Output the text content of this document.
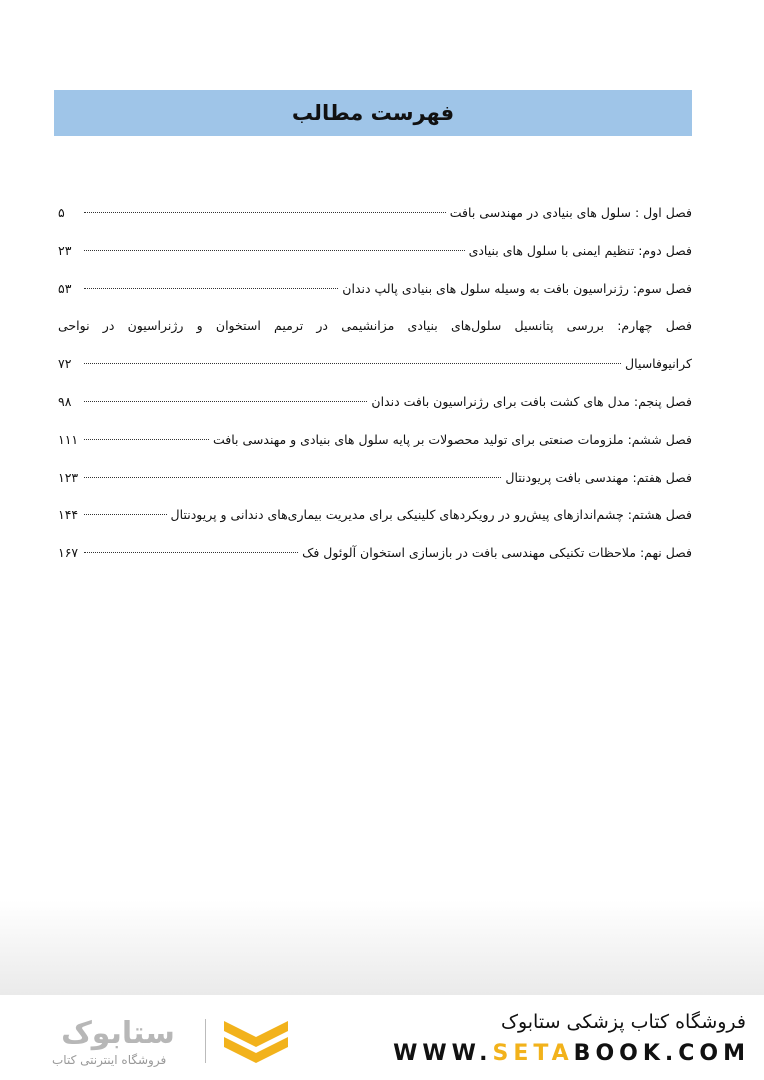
فهرست مطالب
فصل اول : سلول های بنیادی در مهندسی بافت
۵
فصل دوم: تنظیم ایمنی با سلول های بنیادی
۲۳
فصل سوم: رژنراسیون بافت به وسیله سلول های بنیادی پالپ دندان
۵۳
فصل چهارم: بررسی پتانسیل سلول‌های بنیادی مزانشیمی در ترمیم استخوان و رژنراسیون در نواحی
کرانیوفاسیال
۷۲
فصل پنجم: مدل های کشت بافت برای رژنراسیون بافت دندان
۹۸
فصل ششم: ملزومات صنعتی برای تولید محصولات بر پایه سلول های بنیادی و مهندسی بافت
۱۱۱
فصل هفتم: مهندسی بافت پریودنتال
۱۲۳
فصل هشتم: چشم‌اندازهای پیش‌رو در رویکردهای کلینیکی برای مدیریت بیماری‌های دندانی و پریودنتال
۱۴۴
فصل نهم: ملاحظات تکنیکی مهندسی بافت در بازسازی استخوان آلوئول فک
۱۶۷
فروشگاه کتاب پزشکی ستابوک
WWW.SETABOOK.COM
ستابوک
فروشگاه اینترنتی کتاب
